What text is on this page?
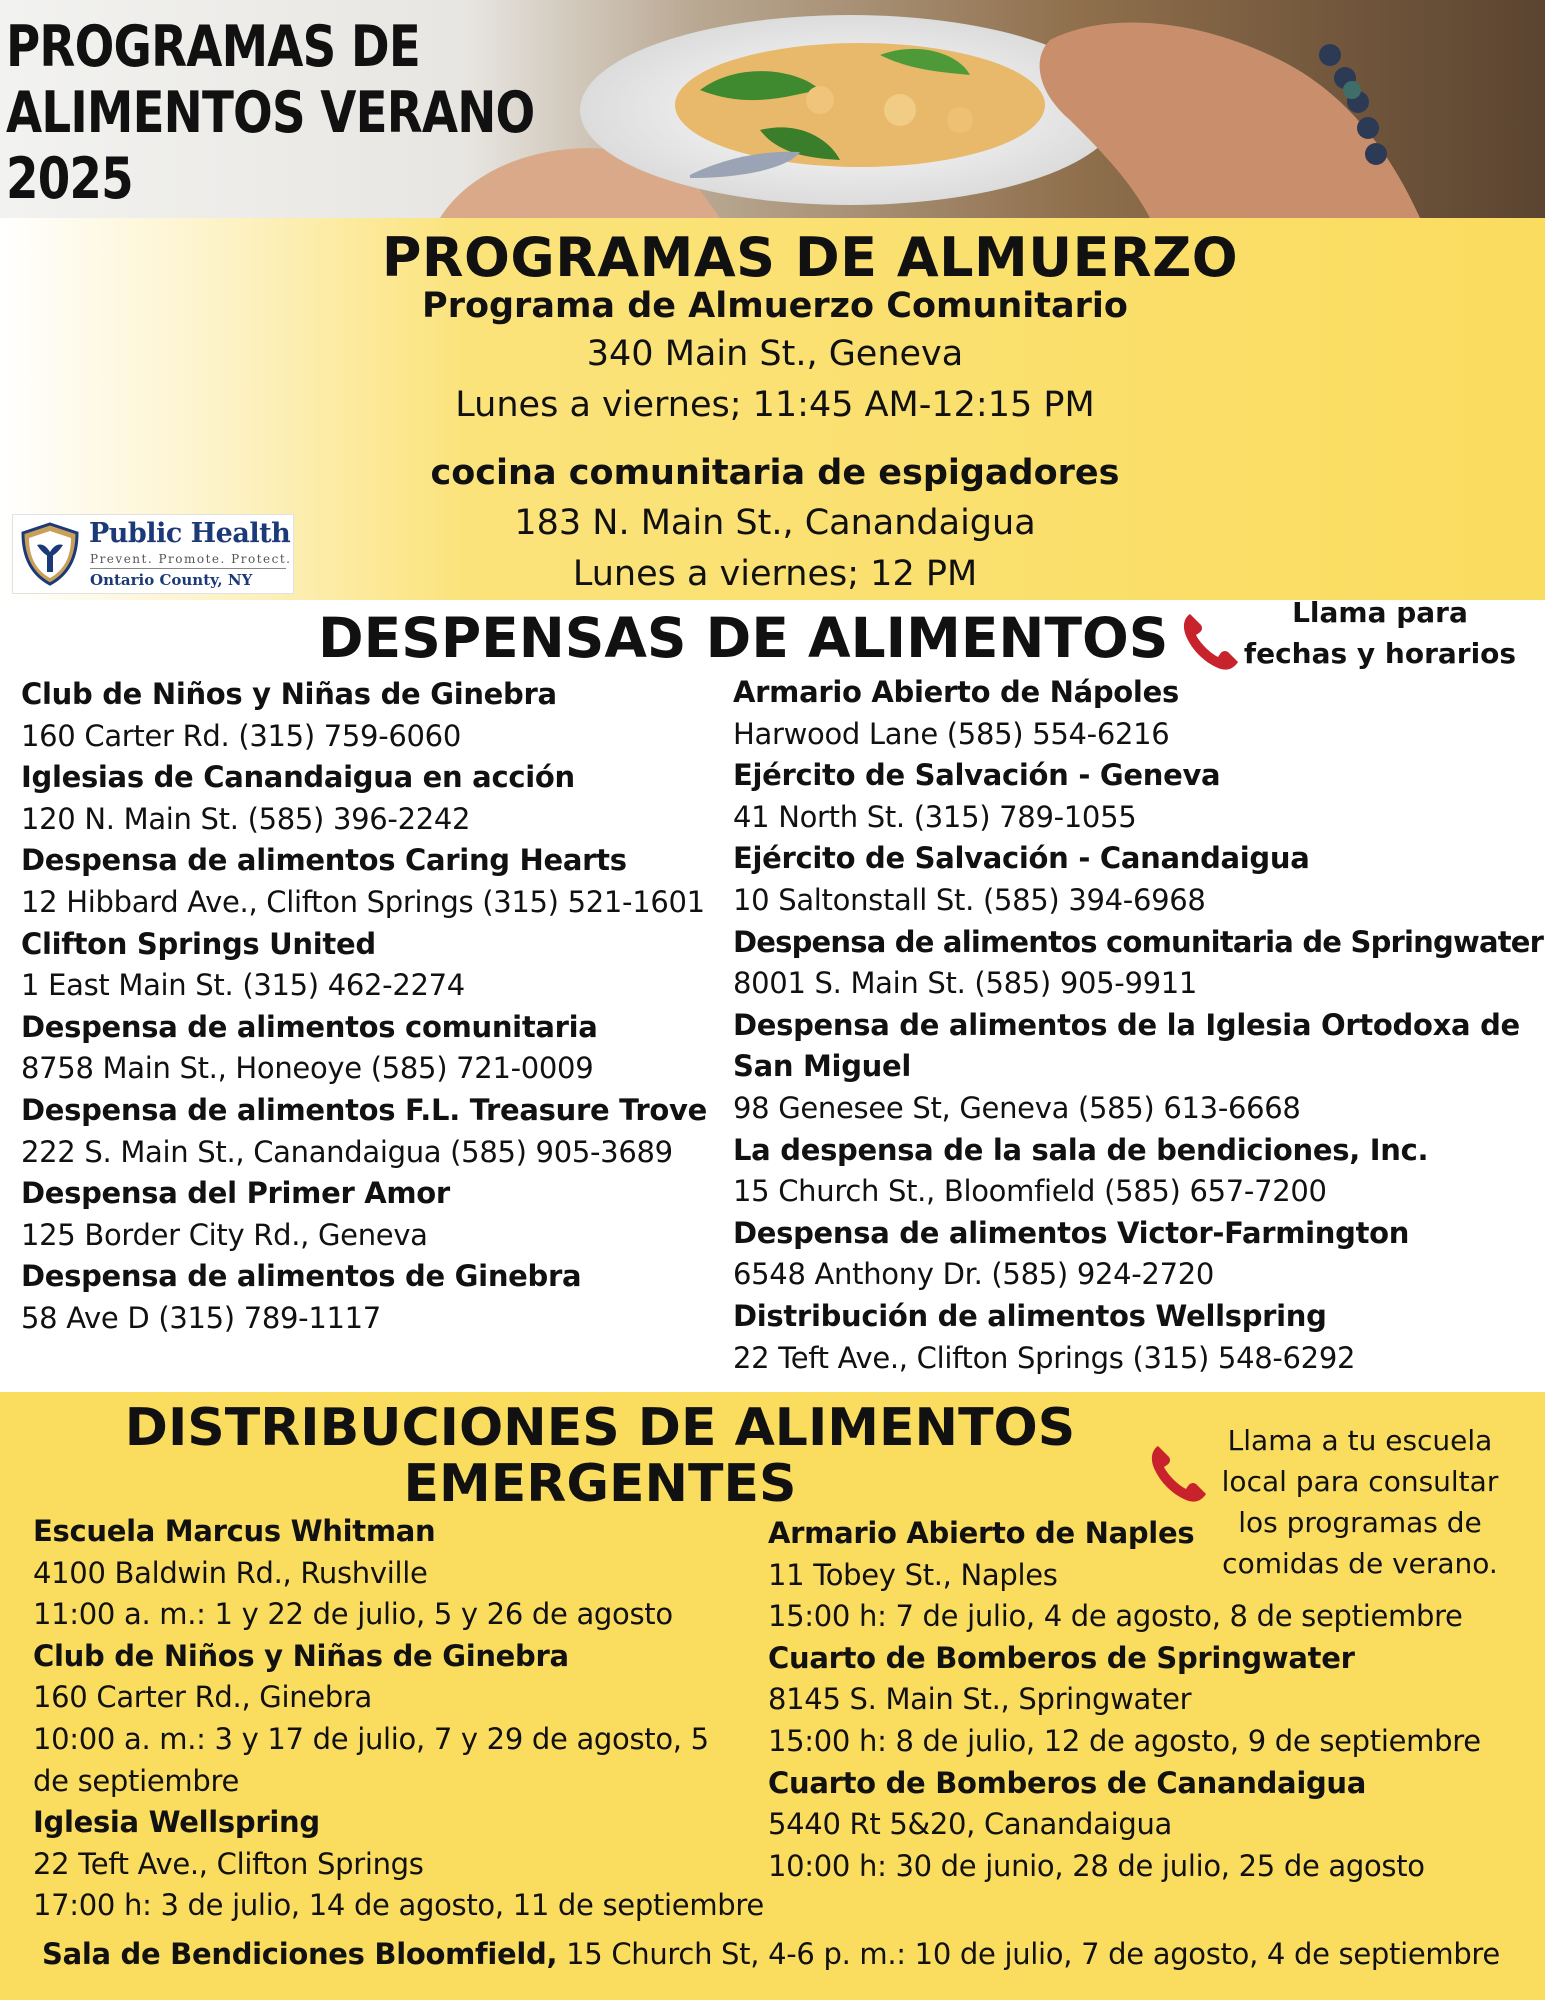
PROGRAMAS DE
ALIMENTOS VERANO
2025
PROGRAMAS DE ALMUERZO
Programa de Almuerzo Comunitario
340 Main St., Geneva
Lunes a viernes; 11:45 AM-12:15 PM
cocina comunitaria de espigadores
183 N. Main St., Canandaigua
Lunes a viernes; 12 PM
Public Health
Prevent. Promote. Protect.
Ontario County, NY
DESPENSAS DE ALIMENTOS	Llama para
fechas y horarios
Club de Niños y Niñas de Ginebra
160 Carter Rd. (315) 759-6060
Iglesias de Canandaigua en acción
120 N. Main St. (585) 396-2242
Despensa de alimentos Caring Hearts
12 Hibbard Ave., Clifton Springs (315) 521-1601
Clifton Springs United
1 East Main St. (315) 462-2274
Despensa de alimentos comunitaria
8758 Main St., Honeoye (585) 721-0009
Despensa de alimentos F.L. Treasure Trove
222 S. Main St., Canandaigua (585) 905-3689
Despensa del Primer Amor
125 Border City Rd., Geneva
Despensa de alimentos de Ginebra
58 Ave D (315) 789-1117
Armario Abierto de Nápoles
Harwood Lane (585) 554-6216
Ejército de Salvación - Geneva
41 North St. (315) 789-1055
Ejército de Salvación - Canandaigua
10 Saltonstall St. (585) 394-6968
Despensa de alimentos comunitaria de Springwater
8001 S. Main St. (585) 905-9911
Despensa de alimentos de la Iglesia Ortodoxa de
San Miguel
98 Genesee St, Geneva (585) 613-6668
La despensa de la sala de bendiciones, Inc.
15 Church St., Bloomfield (585) 657-7200
Despensa de alimentos Victor-Farmington
6548 Anthony Dr. (585) 924-2720
Distribución de alimentos Wellspring
22 Teft Ave., Clifton Springs (315) 548-6292
DISTRIBUCIONES DE ALIMENTOS
EMERGENTES
Llama a tu escuela
local para consultar
los programas de
comidas de verano.
Escuela Marcus Whitman
4100 Baldwin Rd., Rushville
11:00 a. m.: 1 y 22 de julio, 5 y 26 de agosto
Club de Niños y Niñas de Ginebra
160 Carter Rd., Ginebra
10:00 a. m.: 3 y 17 de julio, 7 y 29 de agosto, 5 de septiembre
Iglesia Wellspring
22 Teft Ave., Clifton Springs
17:00 h: 3 de julio, 14 de agosto, 11 de septiembre
Armario Abierto de Naples
11 Tobey St., Naples
15:00 h: 7 de julio, 4 de agosto, 8 de septiembre
Cuarto de Bomberos de Springwater
8145 S. Main St., Springwater
15:00 h: 8 de julio, 12 de agosto, 9 de septiembre
Cuarto de Bomberos de Canandaigua
5440 Rt 5&20, Canandaigua
10:00 h: 30 de junio, 28 de julio, 25 de agosto
Sala de Bendiciones Bloomfield, 15 Church St, 4-6 p. m.: 10 de julio, 7 de agosto, 4 de septiembre
